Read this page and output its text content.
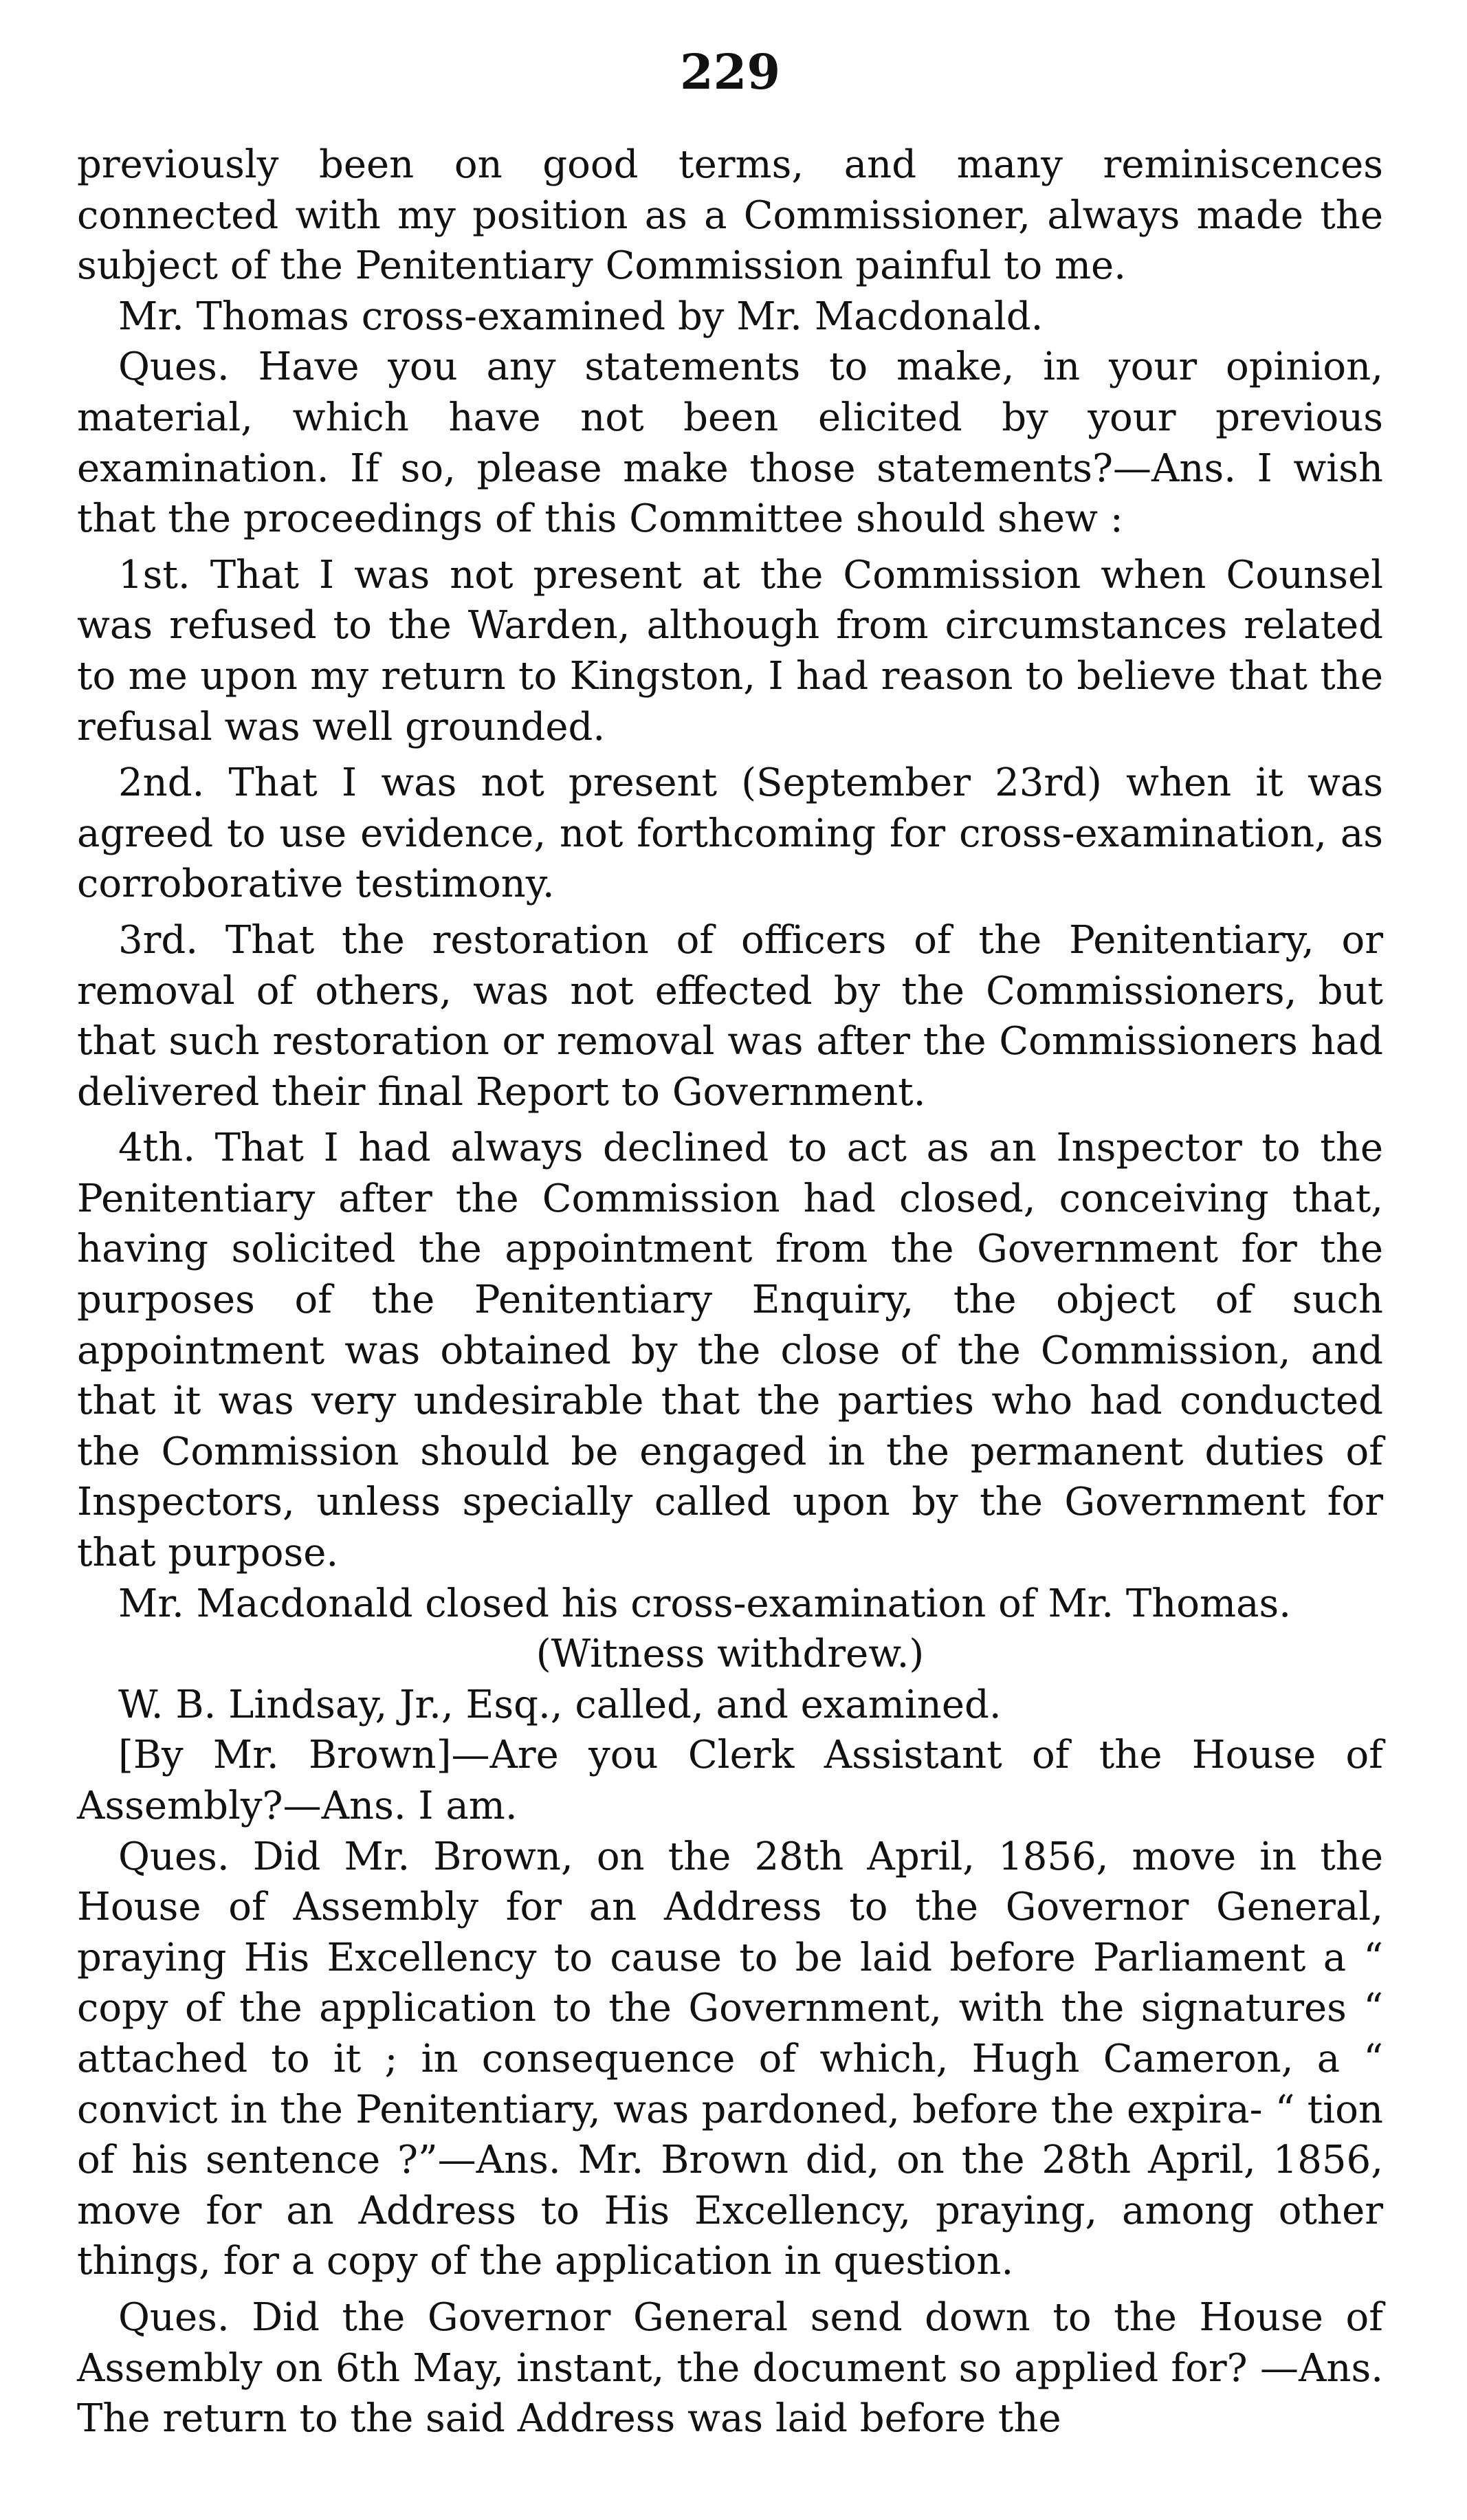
229

previously been on good terms, and many reminiscences connected with my position as a Commissioner, always made the subject of the Penitentiary Commission painful to me.

Mr. Thomas cross-examined by Mr. Macdonald.

Ques. Have you any statements to make, in your opinion, material, which have not been elicited by your previous examination. If so, please make those statements?—Ans. I wish that the proceedings of this Committee should shew :

1st. That I was not present at the Commission when Counsel was refused to the Warden, although from circumstances related to me upon my return to Kingston, I had reason to believe that the refusal was well grounded.

2nd. That I was not present (September 23rd) when it was agreed to use evidence, not forthcoming for cross-examination, as corroborative testimony.

3rd. That the restoration of officers of the Penitentiary, or removal of others, was not effected by the Commissioners, but that such restoration or removal was after the Commissioners had delivered their final Report to Government.

4th. That I had always declined to act as an Inspector to the Penitentiary after the Commission had closed, conceiving that, having solicited the appointment from the Government for the purposes of the Penitentiary Enquiry, the object of such appointment was obtained by the close of the Commission, and that it was very undesirable that the parties who had conducted the Commission should be engaged in the permanent duties of Inspectors, unless specially called upon by the Government for that purpose.

Mr. Macdonald closed his cross-examination of Mr. Thomas.

(Witness withdrew.)

W. B. Lindsay, Jr., Esq., called, and examined.

[By Mr. Brown]—Are you Clerk Assistant of the House of Assembly?—Ans. I am.

Ques. Did Mr. Brown, on the 28th April, 1856, move in the House of Assembly for an Address to the Governor General, praying His Excellency to cause to be laid before Parliament a “ copy of the application to the Government, with the signatures “ attached to it ; in consequence of which, Hugh Cameron, a “ convict in the Penitentiary, was pardoned, before the expira- “ tion of his sentence ?”—Ans. Mr. Brown did, on the 28th April, 1856, move for an Address to His Excellency, praying, among other things, for a copy of the application in question.

Ques. Did the Governor General send down to the House of Assembly on 6th May, instant, the document so applied for? —Ans. The return to the said Address was laid before the
